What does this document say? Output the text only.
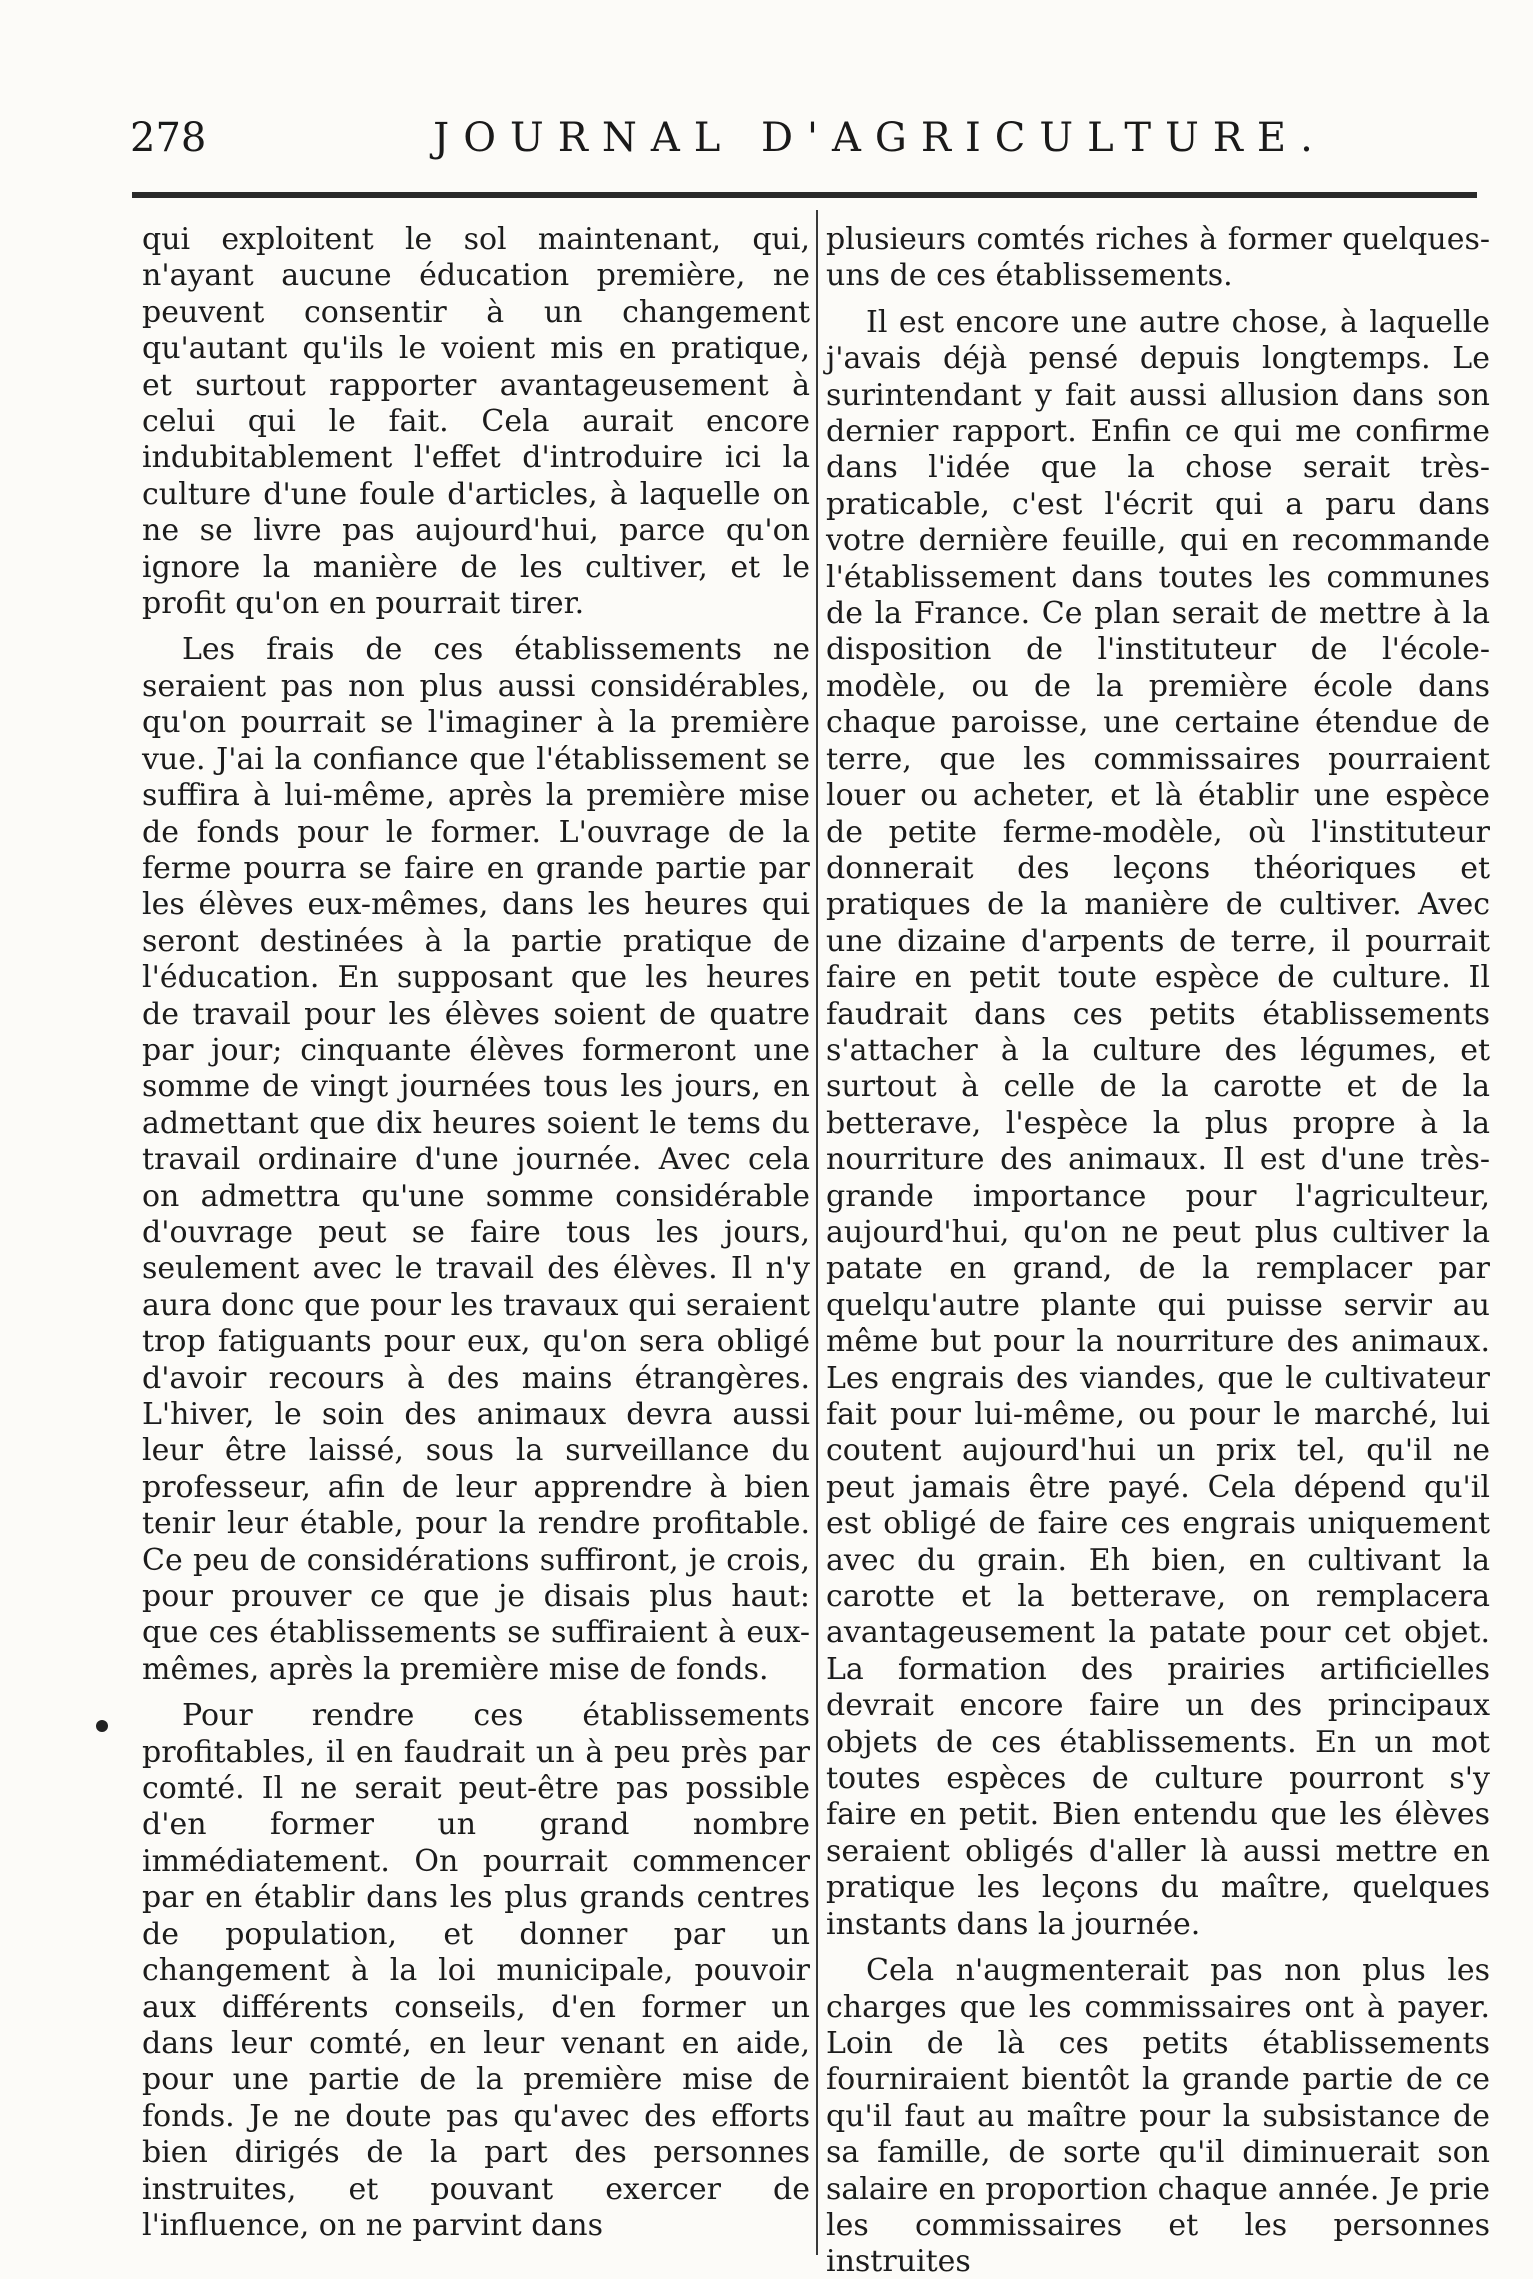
278	JOURNAL D'AGRICULTURE.

qui exploitent le sol maintenant, qui, n'ayant aucune éducation première, ne peuvent consentir à un changement qu'autant qu'ils le voient mis en pratique, et surtout rapporter avantageusement à celui qui le fait. Cela aurait encore indubitablement l'effet d'introduire ici la culture d'une foule d'articles, à laquelle on ne se livre pas aujourd'hui, parce qu'on ignore la manière de les cultiver, et le profit qu'on en pourrait tirer.

Les frais de ces établissements ne seraient pas non plus aussi considérables, qu'on pourrait se l'imaginer à la première vue. J'ai la confiance que l'établissement se suffira à lui-même, après la première mise de fonds pour le former. L'ouvrage de la ferme pourra se faire en grande partie par les élèves eux-mêmes, dans les heures qui seront destinées à la partie pratique de l'éducation. En supposant que les heures de travail pour les élèves soient de quatre par jour; cinquante élèves formeront une somme de vingt journées tous les jours, en admettant que dix heures soient le tems du travail ordinaire d'une journée. Avec cela on admettra qu'une somme considérable d'ouvrage peut se faire tous les jours, seulement avec le travail des élèves. Il n'y aura donc que pour les travaux qui seraient trop fatiguants pour eux, qu'on sera obligé d'avoir recours à des mains étrangères. L'hiver, le soin des animaux devra aussi leur être laissé, sous la surveillance du professeur, afin de leur apprendre à bien tenir leur étable, pour la rendre profitable. Ce peu de considérations suffiront, je crois, pour prouver ce que je disais plus haut: que ces établissements se suffiraient à eux-mêmes, après la première mise de fonds.

Pour rendre ces établissements profitables, il en faudrait un à peu près par comté. Il ne serait peut-être pas possible d'en former un grand nombre immédiatement. On pourrait commencer par en établir dans les plus grands centres de population, et donner par un changement à la loi municipale, pouvoir aux différents conseils, d'en former un dans leur comté, en leur venant en aide, pour une partie de la première mise de fonds. Je ne doute pas qu'avec des efforts bien dirigés de la part des personnes instruites, et pouvant exercer de l'influence, on ne parvint dans

plusieurs comtés riches à former quelques-uns de ces établissements.

Il est encore une autre chose, à laquelle j'avais déjà pensé depuis longtemps. Le surintendant y fait aussi allusion dans son dernier rapport. Enfin ce qui me confirme dans l'idée que la chose serait très-praticable, c'est l'écrit qui a paru dans votre dernière feuille, qui en recommande l'établissement dans toutes les communes de la France. Ce plan serait de mettre à la disposition de l'instituteur de l'école-modèle, ou de la première école dans chaque paroisse, une certaine étendue de terre, que les commissaires pourraient louer ou acheter, et là établir une espèce de petite ferme-modèle, où l'instituteur donnerait des leçons théoriques et pratiques de la manière de cultiver. Avec une dizaine d'arpents de terre, il pourrait faire en petit toute espèce de culture. Il faudrait dans ces petits établissements s'attacher à la culture des légumes, et surtout à celle de la carotte et de la betterave, l'espèce la plus propre à la nourriture des animaux. Il est d'une très-grande importance pour l'agriculteur, aujourd'hui, qu'on ne peut plus cultiver la patate en grand, de la remplacer par quelqu'autre plante qui puisse servir au même but pour la nourriture des animaux. Les engrais des viandes, que le cultivateur fait pour lui-même, ou pour le marché, lui coutent aujourd'hui un prix tel, qu'il ne peut jamais être payé. Cela dépend qu'il est obligé de faire ces engrais uniquement avec du grain. Eh bien, en cultivant la carotte et la betterave, on remplacera avantageusement la patate pour cet objet. La formation des prairies artificielles devrait encore faire un des principaux objets de ces établissements. En un mot toutes espèces de culture pourront s'y faire en petit. Bien entendu que les élèves seraient obligés d'aller là aussi mettre en pratique les leçons du maître, quelques instants dans la journée.

Cela n'augmenterait pas non plus les charges que les commissaires ont à payer. Loin de là ces petits établissements fourniraient bientôt la grande partie de ce qu'il faut au maître pour la subsistance de sa famille, de sorte qu'il diminuerait son salaire en proportion chaque année. Je prie les commissaires et les personnes instruites
